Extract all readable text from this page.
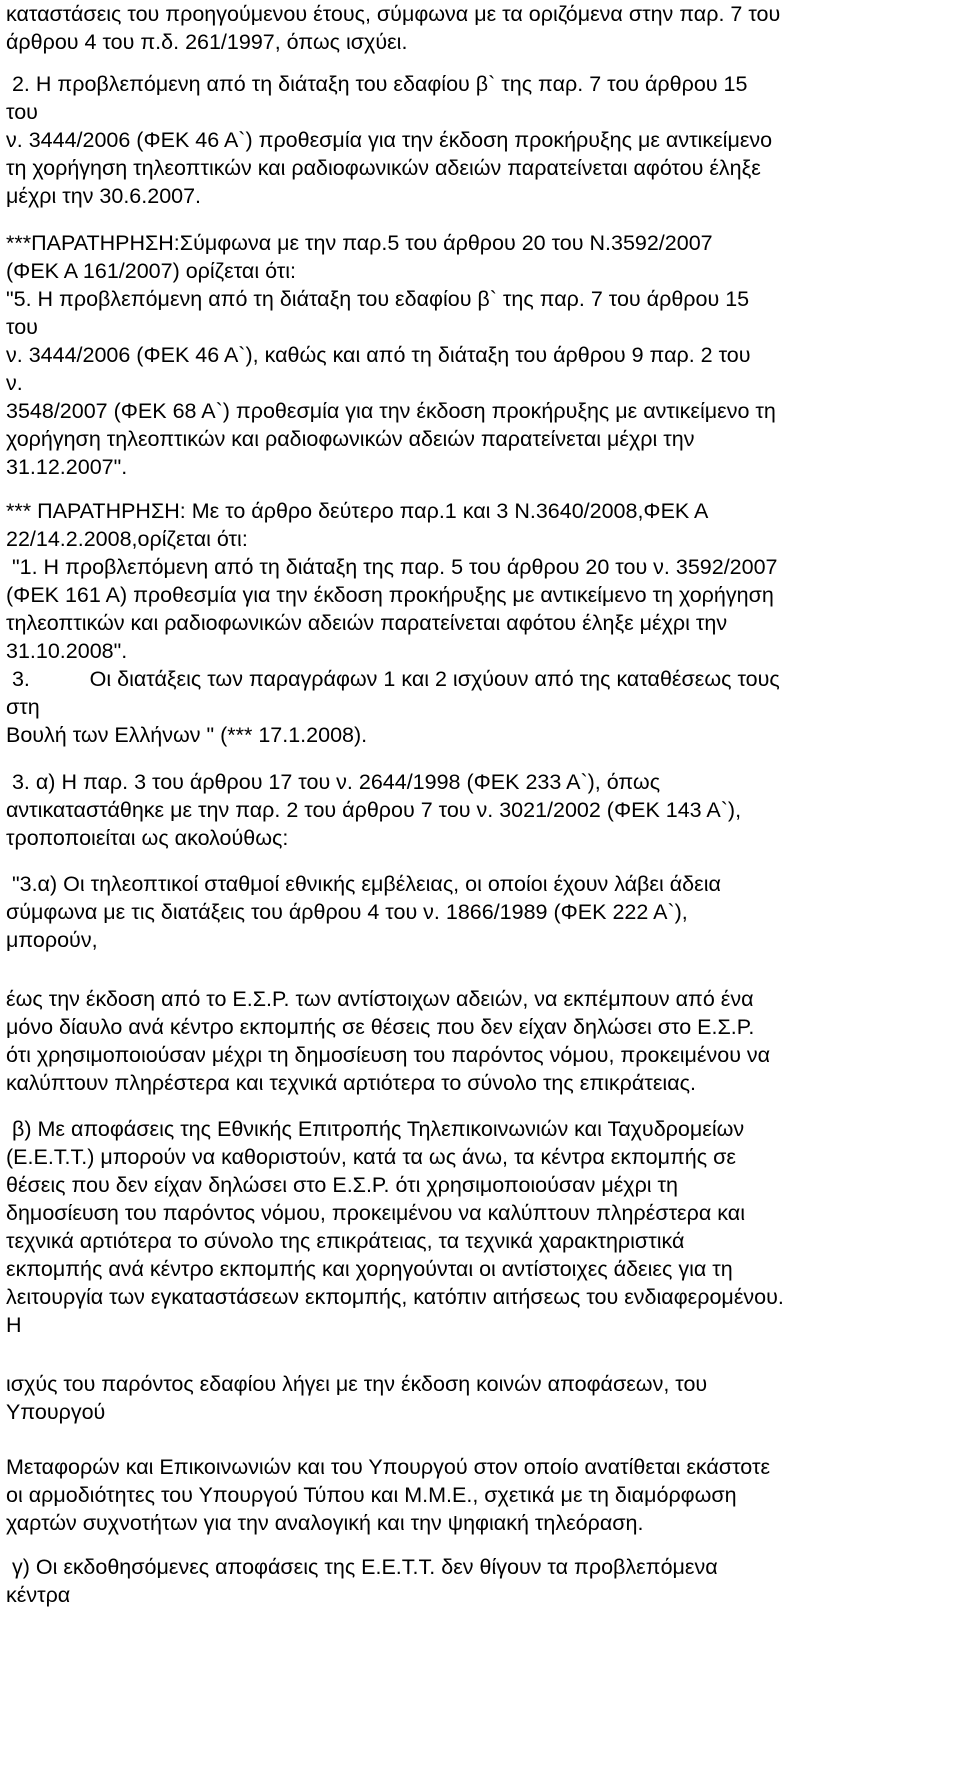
καταστάσεις του προηγούμενου έτους, σύμφωνα με τα οριζόμενα στην παρ. 7 του
άρθρου 4 του π.δ. 261/1997, όπως ισχύει.
2. Η προβλεπόμενη από τη διάταξη του εδαφίου β` της παρ. 7 του άρθρου 15
του
ν. 3444/2006 (ΦΕΚ 46 Α`) προθεσμία για την έκδοση προκήρυξης με αντικείμενο
τη χορήγηση τηλεοπτικών και ραδιοφωνικών αδειών παρατείνεται αφότου έληξε
μέχρι την 30.6.2007.
***ΠΑΡΑΤΗΡΗΣΗ:Σύμφωνα με την παρ.5 του άρθρου 20 του Ν.3592/2007
(ΦΕΚ Α 161/2007) ορίζεται ότι:
"5. Η προβλεπόμενη από τη διάταξη του εδαφίου β` της παρ. 7 του άρθρου 15
του
ν. 3444/2006 (ΦΕΚ 46 Α`), καθώς και από τη διάταξη του άρθρου 9 παρ. 2 του
ν.
3548/2007 (ΦΕΚ 68 Α`) προθεσμία για την έκδοση προκήρυξης με αντικείμενο τη
χορήγηση τηλεοπτικών και ραδιοφωνικών αδειών παρατείνεται μέχρι την
31.12.2007".
*** ΠΑΡΑΤΗΡΗΣΗ: Με το άρθρο δεύτερο παρ.1 και 3 Ν.3640/2008,ΦΕΚ Α
22/14.2.2008,ορίζεται ότι:
"1. Η προβλεπόμενη από τη διάταξη της παρ. 5 του άρθρου 20 του ν. 3592/2007
(ΦΕΚ 161 Α) προθεσμία για την έκδοση προκήρυξης με αντικείμενο τη χορήγηση
τηλεοπτικών και ραδιοφωνικών αδειών παρατείνεται αφότου έληξε μέχρι την
31.10.2008".
3.          Οι διατάξεις των παραγράφων 1 και 2 ισχύουν από της καταθέσεως τους
στη
Βουλή των Ελλήνων " (*** 17.1.2008).
3. α) Η παρ. 3 του άρθρου 17 του ν. 2644/1998 (ΦΕΚ 233 Α`), όπως
αντικαταστάθηκε με την παρ. 2 του άρθρου 7 του ν. 3021/2002 (ΦΕΚ 143 Α`),
τροποποιείται ως ακολούθως:
"3.α) Οι τηλεοπτικοί σταθμοί εθνικής εμβέλειας, οι οποίοι έχουν λάβει άδεια
σύμφωνα με τις διατάξεις του άρθρου 4 του ν. 1866/1989 (ΦΕΚ 222 Α`),
μπορούν,
έως την έκδοση από το Ε.Σ.Ρ. των αντίστοιχων αδειών, να εκπέμπουν από ένα
μόνο δίαυλο ανά κέντρο εκπομπής σε θέσεις που δεν είχαν δηλώσει στο Ε.Σ.Ρ.
ότι χρησιμοποιούσαν μέχρι τη δημοσίευση του παρόντος νόμου, προκειμένου να
καλύπτουν πληρέστερα και τεχνικά αρτιότερα το σύνολο της επικράτειας.
β) Με αποφάσεις της Εθνικής Επιτροπής Τηλεπικοινωνιών και Ταχυδρομείων
(Ε.Ε.Τ.Τ.) μπορούν να καθοριστούν, κατά τα ως άνω, τα κέντρα εκπομπής σε
θέσεις που δεν είχαν δηλώσει στο Ε.Σ.Ρ. ότι χρησιμοποιούσαν μέχρι τη
δημοσίευση του παρόντος νόμου, προκειμένου να καλύπτουν πληρέστερα και
τεχνικά αρτιότερα το σύνολο της επικράτειας, τα τεχνικά χαρακτηριστικά
εκπομπής ανά κέντρο εκπομπής και χορηγούνται οι αντίστοιχες άδειες για τη
λειτουργία των εγκαταστάσεων εκπομπής, κατόπιν αιτήσεως του ενδιαφερομένου.
Η
ισχύς του παρόντος εδαφίου λήγει με την έκδοση κοινών αποφάσεων, του
Υπουργού
Μεταφορών και Επικοινωνιών και του Υπουργού στον οποίο ανατίθεται εκάστοτε
οι αρμοδιότητες του Υπουργού Τύπου και Μ.Μ.Ε., σχετικά με τη διαμόρφωση
χαρτών συχνοτήτων για την αναλογική και την ψηφιακή τηλεόραση.
γ) Οι εκδοθησόμενες αποφάσεις της Ε.Ε.Τ.Τ. δεν θίγουν τα προβλεπόμενα
κέντρα
